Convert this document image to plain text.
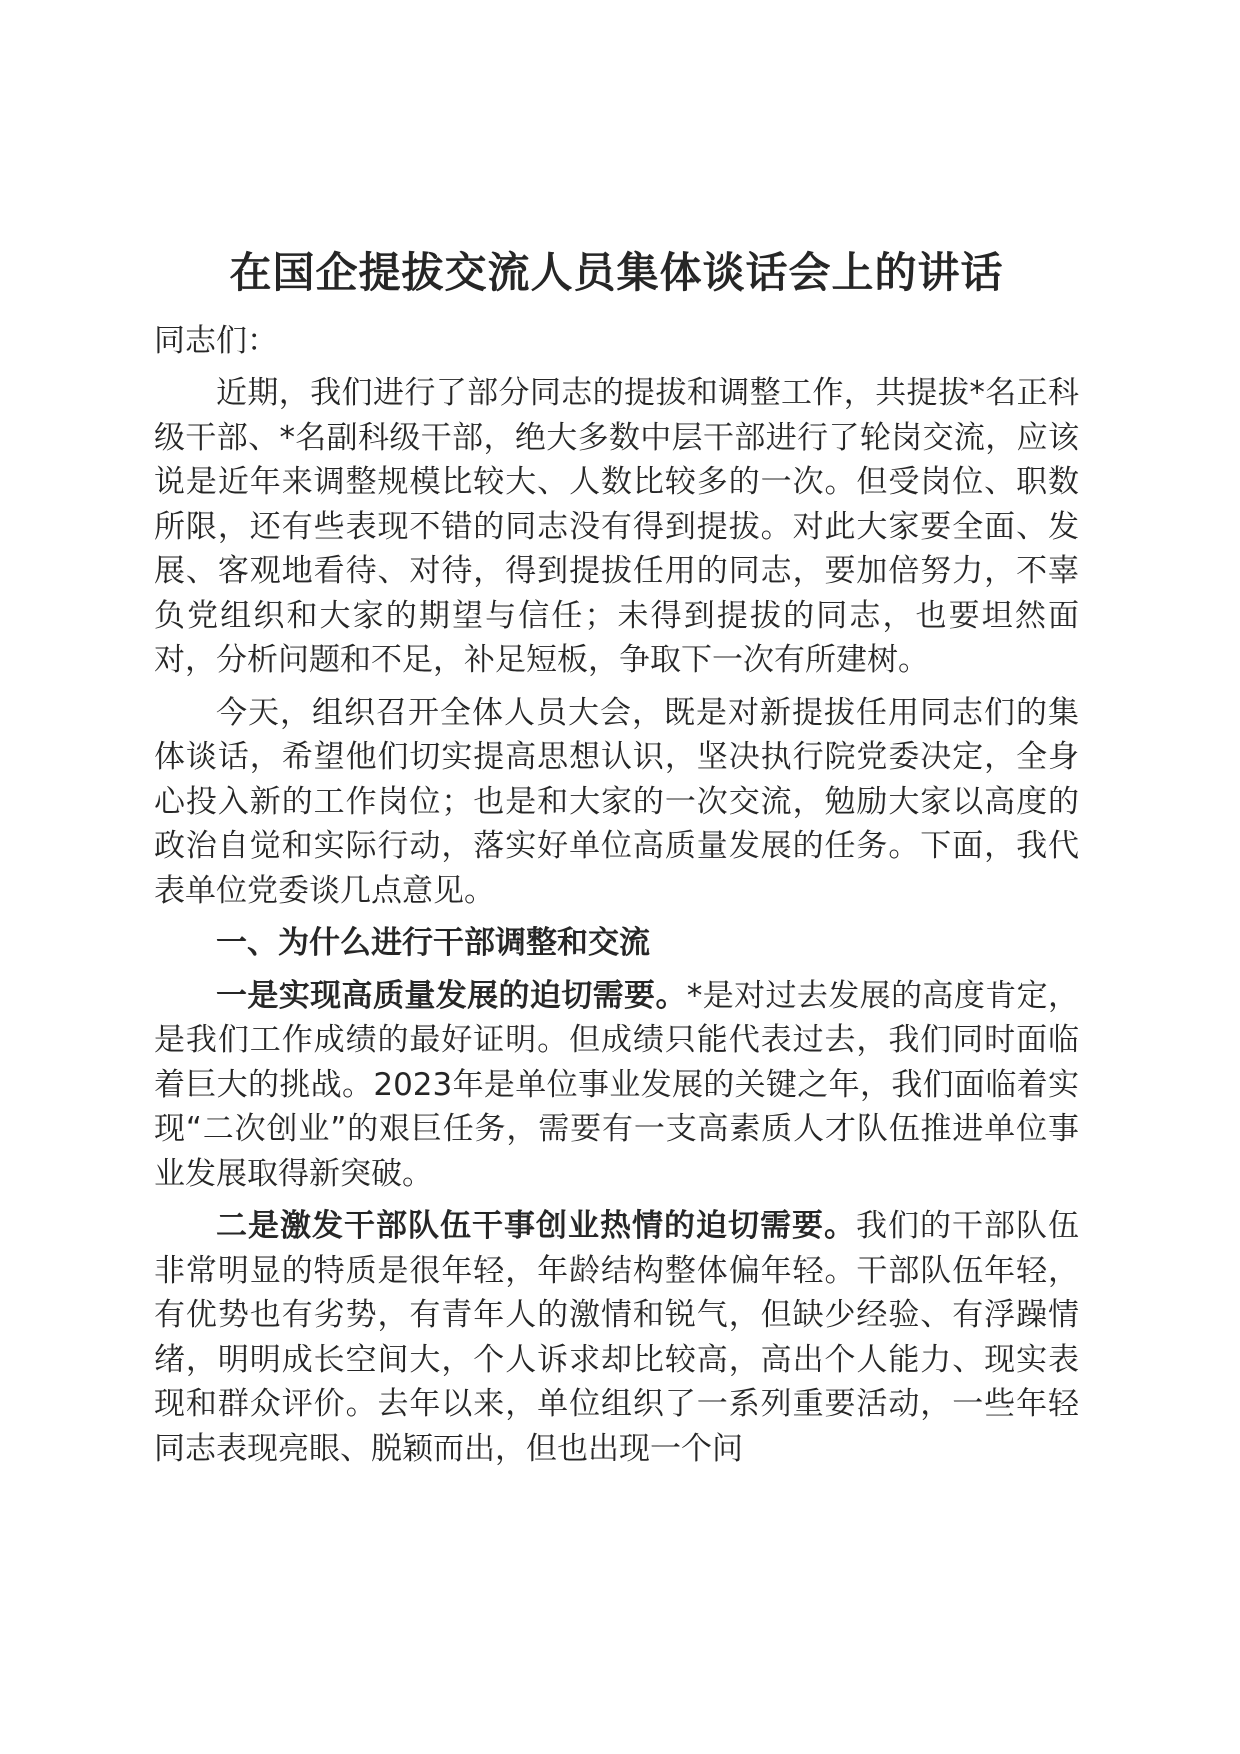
在国企提拔交流人员集体谈话会上的讲话

同志们：

近期，我们进行了部分同志的提拔和调整工作，共提拔*名正科级干部、*名副科级干部，绝大多数中层干部进行了轮岗交流，应该说是近年来调整规模比较大、人数比较多的一次。但受岗位、职数所限，还有些表现不错的同志没有得到提拔。对此大家要全面、发展、客观地看待、对待，得到提拔任用的同志，要加倍努力，不辜负党组织和大家的期望与信任；未得到提拔的同志，也要坦然面对，分析问题和不足，补足短板，争取下一次有所建树。

今天，组织召开全体人员大会，既是对新提拔任用同志们的集体谈话，希望他们切实提高思想认识，坚决执行院党委决定，全身心投入新的工作岗位；也是和大家的一次交流，勉励大家以高度的政治自觉和实际行动，落实好单位高质量发展的任务。下面，我代表单位党委谈几点意见。

一、为什么进行干部调整和交流

一是实现高质量发展的迫切需要。*是对过去发展的高度肯定，是我们工作成绩的最好证明。但成绩只能代表过去，我们同时面临着巨大的挑战。2023年是单位事业发展的关键之年，我们面临着实现“二次创业”的艰巨任务，需要有一支高素质人才队伍推进单位事业发展取得新突破。

二是激发干部队伍干事创业热情的迫切需要。我们的干部队伍非常明显的特质是很年轻，年龄结构整体偏年轻。干部队伍年轻，有优势也有劣势，有青年人的激情和锐气，但缺少经验、有浮躁情绪，明明成长空间大，个人诉求却比较高，高出个人能力、现实表现和群众评价。去年以来，单位组织了一系列重要活动，一些年轻同志表现亮眼、脱颖而出，但也出现一个问
